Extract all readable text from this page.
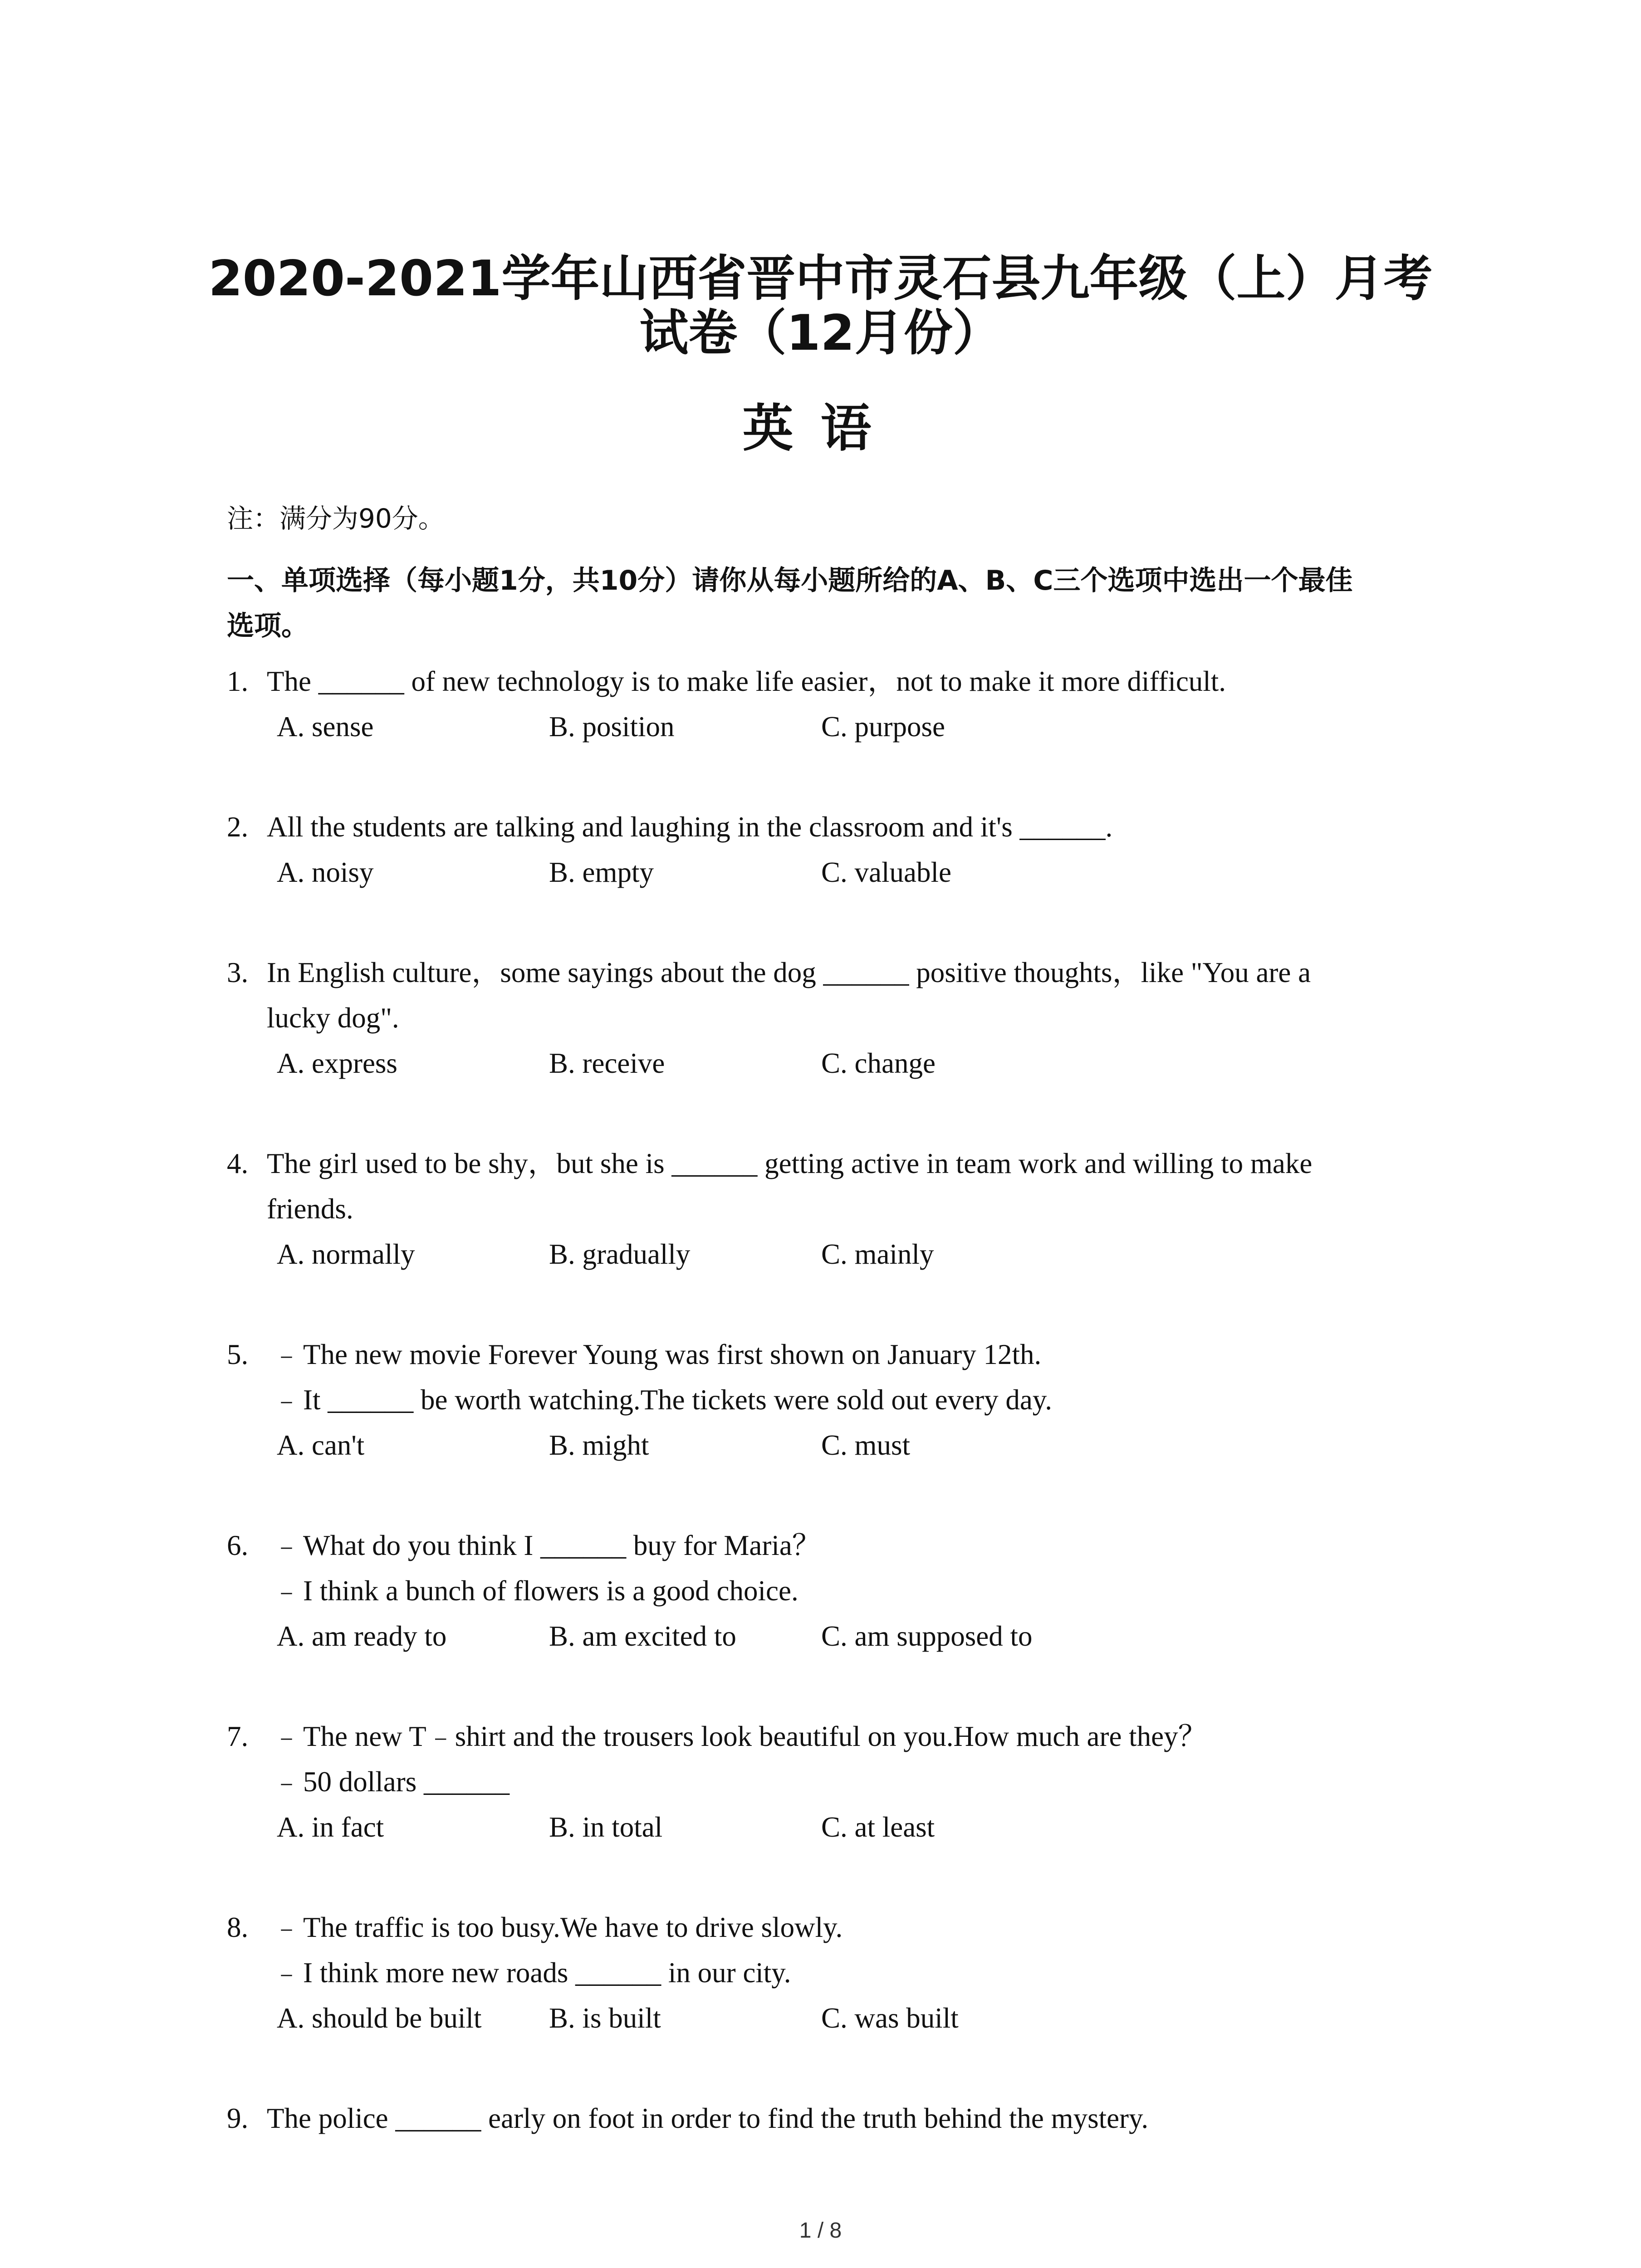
2020-2021学年山西省晋中市灵石县九年级（上）月考
试卷（12月份）
英语
注：满分为90分。
一、单项选择（每小题1分，共10分）请你从每小题所给的A、B、C三个选项中选出一个最佳
选项。
1. The ______ of new technology is to make life easier，not to make it more difficult.
A. sense	B. position	C. purpose
2. All the students are talking and laughing in the classroom and it's ______.
A. noisy	B. empty	C. valuable
3. In English culture，some sayings about the dog ______ positive thoughts，like "You are a
lucky dog".
A. express	B. receive	C. change
4. The girl used to be shy，but she is ______ getting active in team work and willing to make
friends.
A. normally	B. gradually	C. mainly
5. ﹣The new movie Forever Young was first shown on January 12th.
﹣It ______ be worth watching.The tickets were sold out every day.
A. can't	B. might	C. must
6. ﹣What do you think I ______ buy for Maria？
﹣I think a bunch of flowers is a good choice.
A. am ready to	B. am excited to	C. am supposed to
7. ﹣The new T﹣shirt and the trousers look beautiful on you.How much are they？
﹣50 dollars ______
A. in fact	B. in total	C. at least
8. ﹣The traffic is too busy.We have to drive slowly.
﹣I think more new roads ______ in our city.
A. should be built B. is built	C. was built
9. The police ______ early on foot in order to find the truth behind the mystery.
1 / 8
